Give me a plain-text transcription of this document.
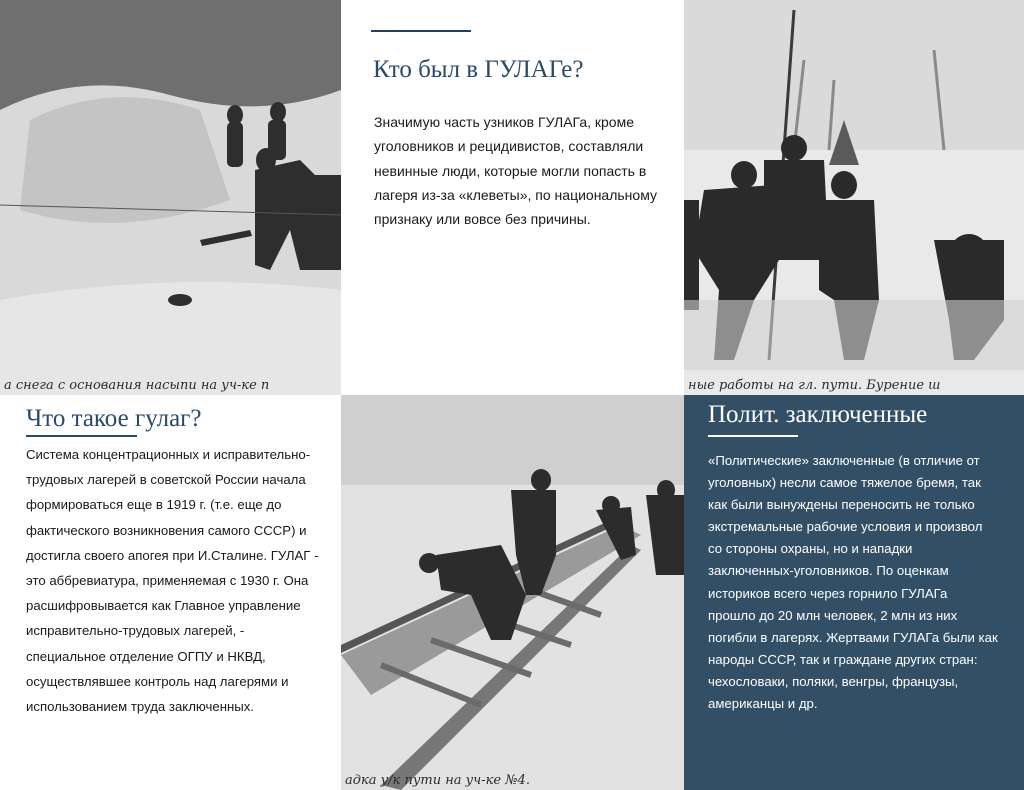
а снега с основания насыпи на уч-ке п
Кто был в ГУЛАГе?

Значимую часть узников ГУЛАГа, кроме уголовников и рецидивистов, составляли невинные люди, которые могли попасть в лагеря из-за «клеветы», по национальному признаку или вовсе без причины.

ные работы на гл. пути. Бурение ш
Что такое гулаг?

Система концентрационных и исправительно-трудовых лагерей в советской России начала формироваться еще в 1919 г. (т.е. еще до фактического возникновения самого СССР) и достигла своего апогея при И.Сталине. ГУЛАГ - это аббревиатура, применяемая с 1930 г. Она расшифровывается как Главное управление исправительно-трудовых лагерей, - специальное отделение ОГПУ и НКВД, осуществлявшее контроль над лагерями и использованием труда заключенных.

адка у/к пути на уч-ке №4.
Полит. заключенные

«Политические» заключенные (в отличие от уголовных) несли самое тяжелое бремя, так как были вынуждены переносить не только экстремальные рабочие условия и произвол со стороны охраны, но и нападки заключенных-уголовников. По оценкам историков всего через горнило ГУЛАГа прошло до 20 млн человек, 2 млн из них погибли в лагерях. Жертвами ГУЛАГа были как народы СССР, так и граждане других стран: чехословаки, поляки, венгры, французы, американцы и др.
